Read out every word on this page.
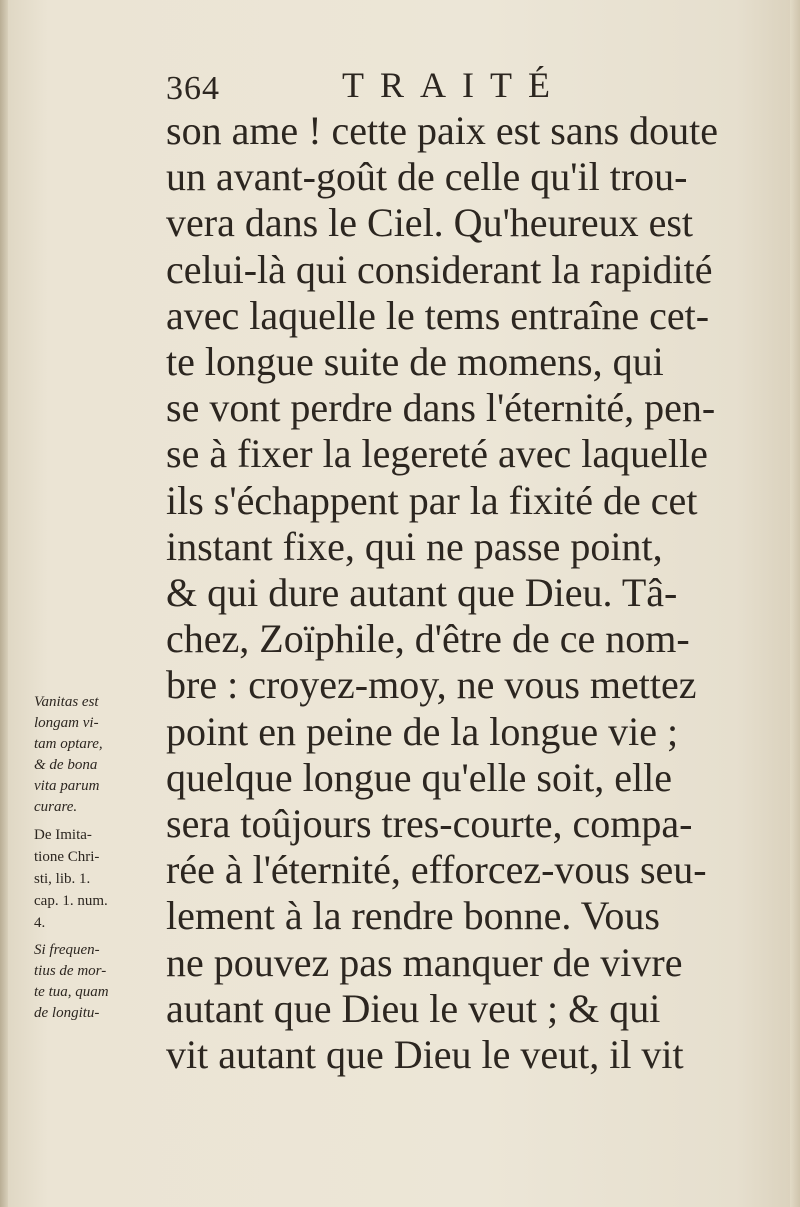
364	TRAITÉ
son ame ! cette paix est sans doute
un avant-goût de celle qu'il trou-
vera dans le Ciel. Qu'heureux est
celui-là qui considerant la rapidité
avec laquelle le tems entraîne cet-
te longue suite de momens, qui
se vont perdre dans l'éternité, pen-
se à fixer la legereté avec laquelle
ils s'échappent par la fixité de cet
instant fixe, qui ne passe point,
& qui dure autant que Dieu. Tâ-
chez, Zoïphile, d'être de ce nom-
bre : croyez-moy, ne vous mettez
point en peine de la longue vie ;
quelque longue qu'elle soit, elle
sera toûjours tres-courte, compa-
rée à l'éternité, efforcez-vous seu-
lement à la rendre bonne. Vous
ne pouvez pas manquer de vivre
autant que Dieu le veut ; & qui
vit autant que Dieu le veut, il vit
Vanitas est
longam vi-
tam optare,
& de bona
vita parum
curare.
De Imita-
tione Chri-
sti, lib. 1.
cap. 1. num.
4.
Si frequen-
tius de mor-
te tua, quam
de longitu-
